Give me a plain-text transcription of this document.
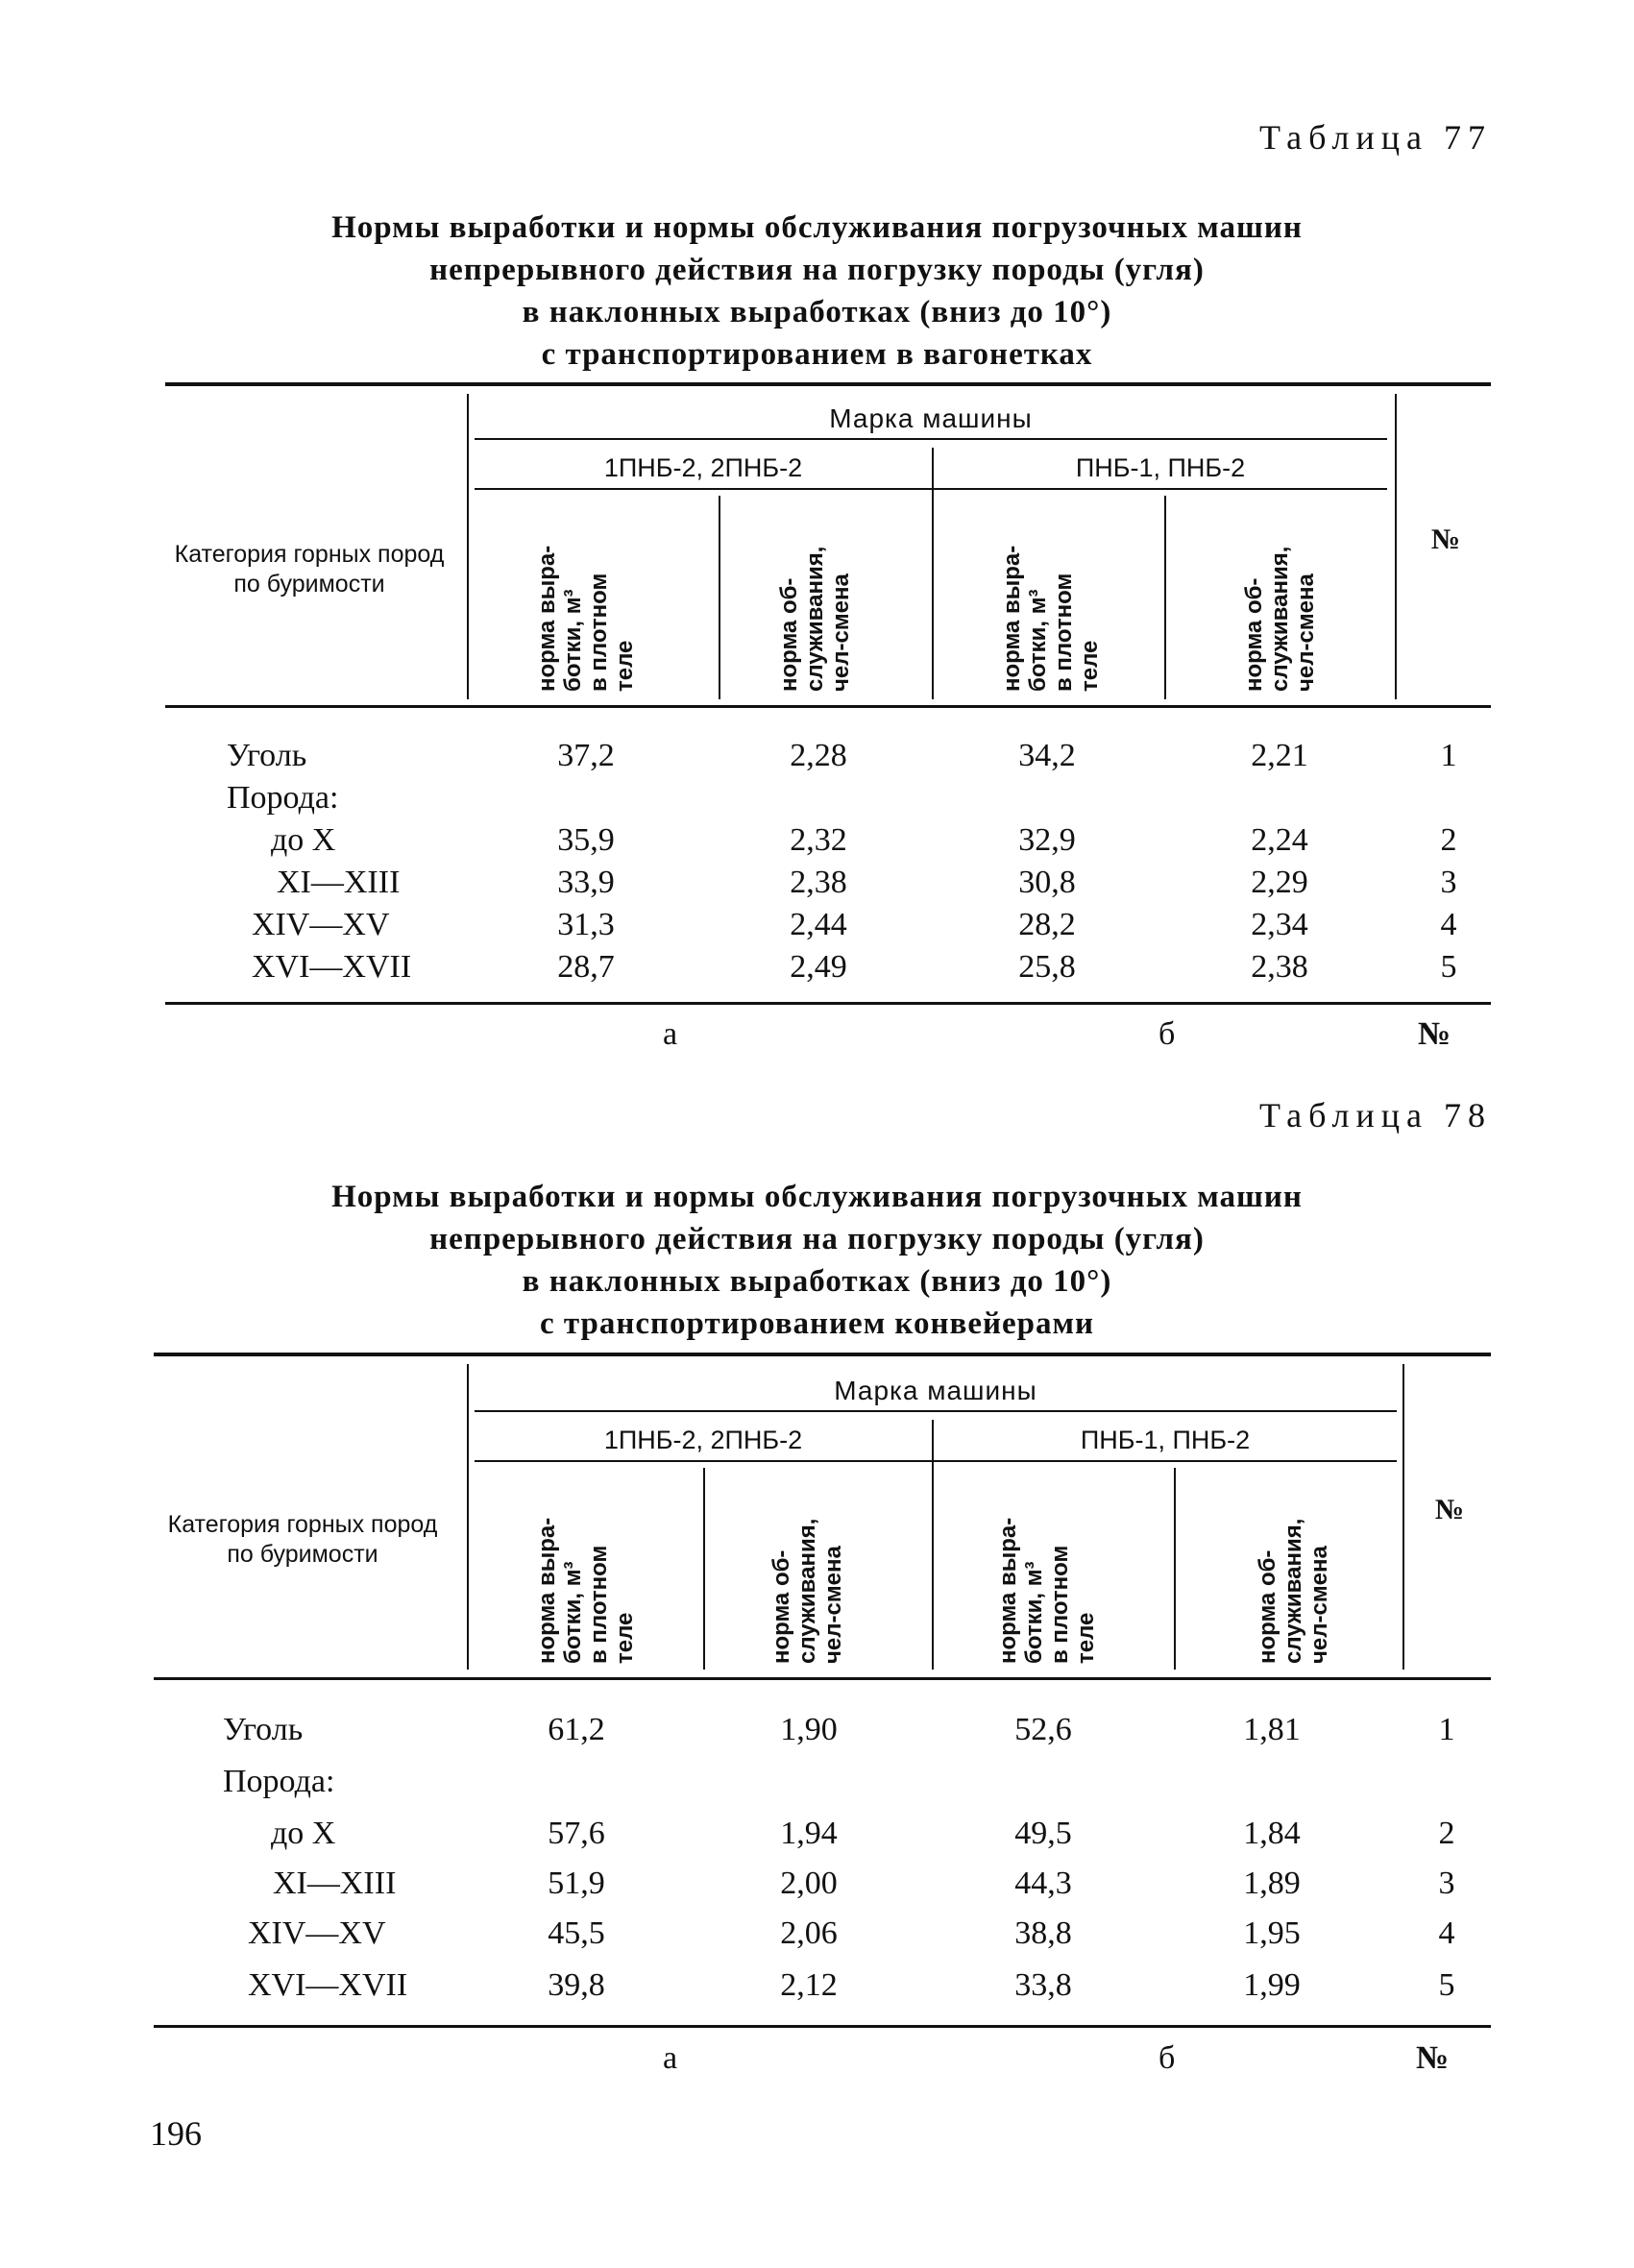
Таблица 77
Нормы выработки и нормы обслуживания погрузочных машин
непрерывного действия на погрузку породы (угля)
в наклонных выработках (вниз до 10°)
с транспортированием в вагонетках
Категория горных пород по буримости
Марка машины
1ПНБ-2, 2ПНБ-2	ПНБ-1, ПНБ-2
норма выра-
ботки, м³
в плотном
теле	норма об-
служивания,
чел-смена	норма выра-
ботки, м³
в плотном
теле	норма об-
служивания,
чел-смена
№
Уголь	37,2	2,28	34,2	2,21	1
Порода:
до X	35,9	2,32	32,9	2,24	2
XI—XIII	33,9	2,38	30,8	2,29	3
XIV—XV	31,3	2,44	28,2	2,34	4
XVI—XVII	28,7	2,49	25,8	2,38	5
а	б	№
Таблица 78
Нормы выработки и нормы обслуживания погрузочных машин
непрерывного действия на погрузку породы (угля)
в наклонных выработках (вниз до 10°)
с транспортированием конвейерами
Категория горных пород по буримости
Марка машины
1ПНБ-2, 2ПНБ-2	ПНБ-1, ПНБ-2
норма выра-
ботки, м³
в плотном
теле	норма об-
служивания,
чел-смена	норма выра-
ботки, м³
в плотном
теле	норма об-
служивания,
чел-смена
№
Уголь	61,2	1,90	52,6	1,81	1
Порода:
до X	57,6	1,94	49,5	1,84	2
XI—XIII	51,9	2,00	44,3	1,89	3
XIV—XV	45,5	2,06	38,8	1,95	4
XVI—XVII	39,8	2,12	33,8	1,99	5
а	б	№
196
